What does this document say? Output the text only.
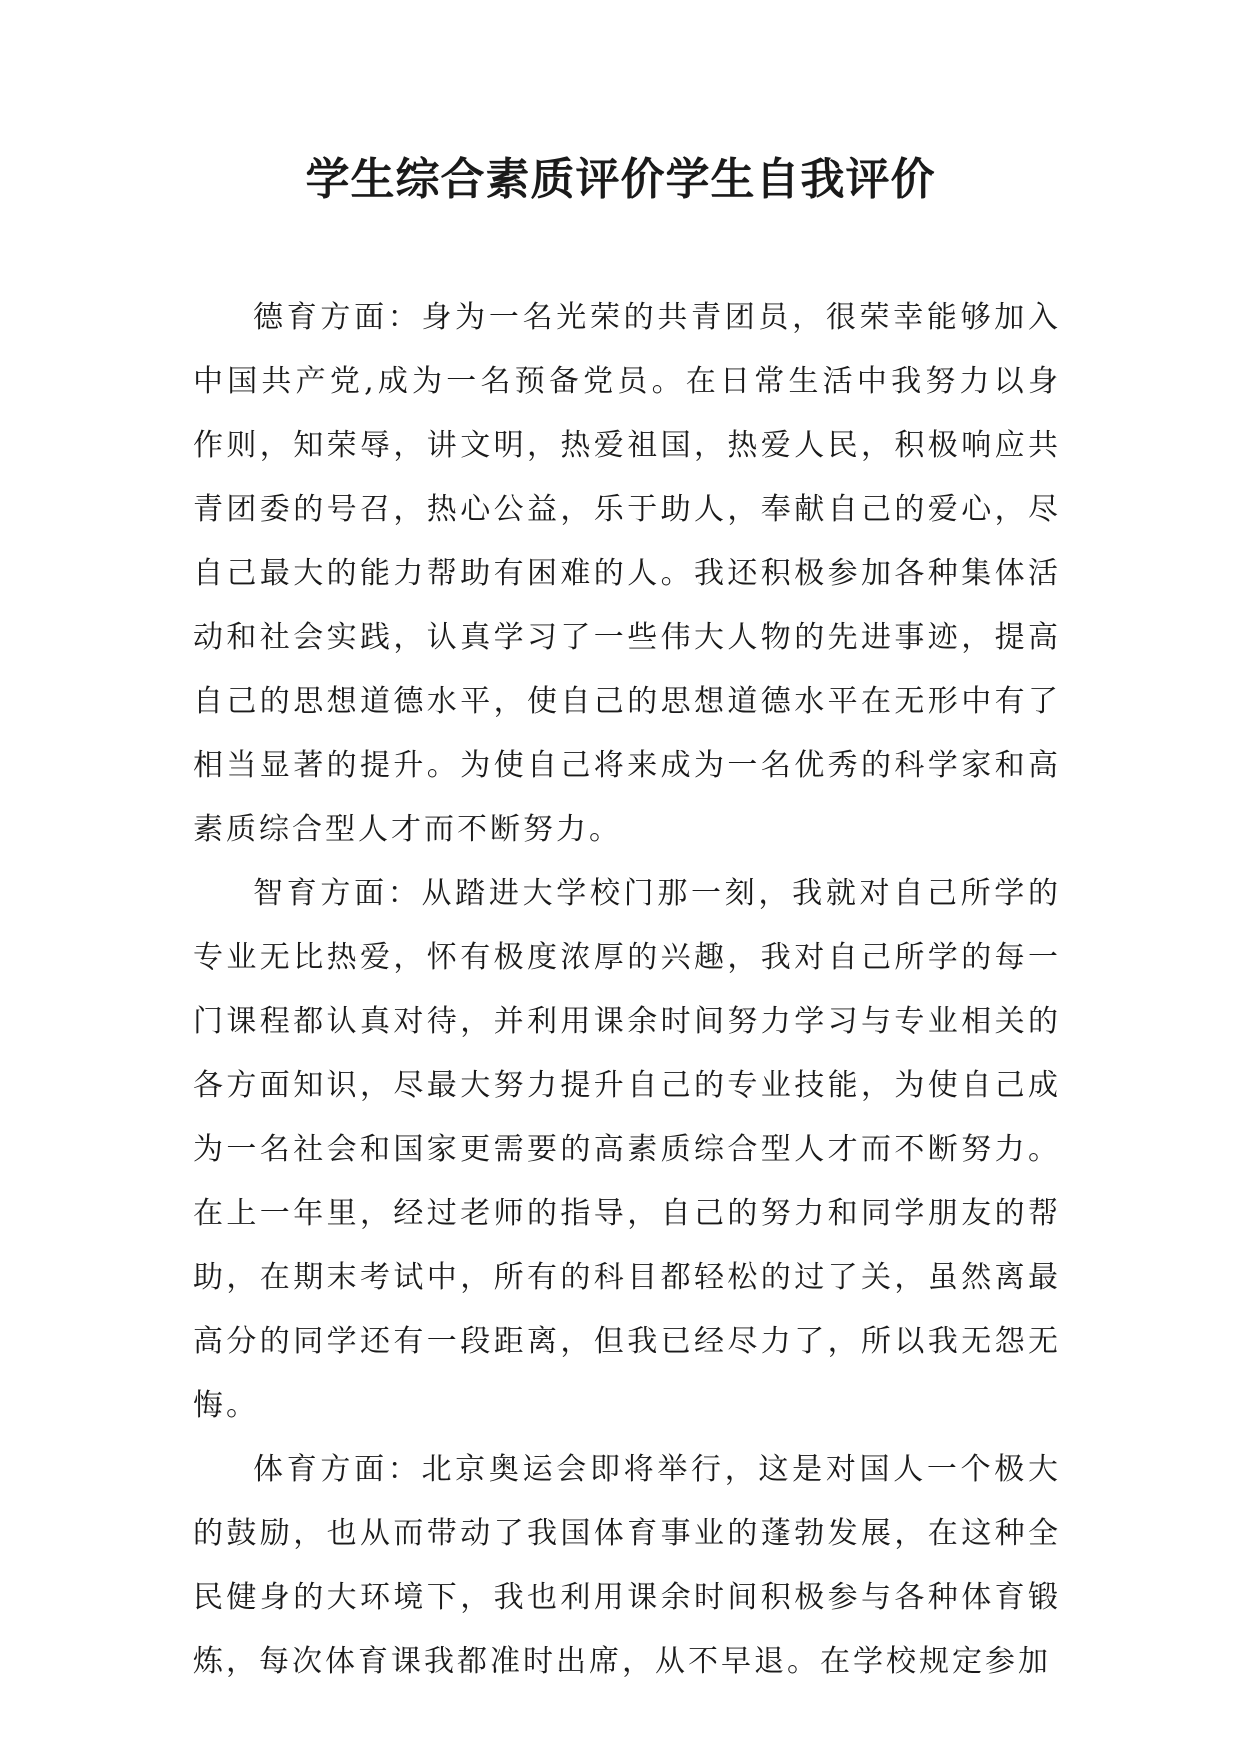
学生综合素质评价学生自我评价

德育方面：身为一名光荣的共青团员，很荣幸能够加入中国共产党,成为一名预备党员。在日常生活中我努力以身作则，知荣辱，讲文明，热爱祖国，热爱人民，积极响应共青团委的号召，热心公益，乐于助人，奉献自己的爱心，尽自己最大的能力帮助有困难的人。我还积极参加各种集体活动和社会实践，认真学习了一些伟大人物的先进事迹，提高自己的思想道德水平，使自己的思想道德水平在无形中有了相当显著的提升。为使自己将来成为一名优秀的科学家和高素质综合型人才而不断努力。

智育方面：从踏进大学校门那一刻，我就对自己所学的专业无比热爱，怀有极度浓厚的兴趣，我对自己所学的每一门课程都认真对待，并利用课余时间努力学习与专业相关的各方面知识，尽最大努力提升自己的专业技能，为使自己成为一名社会和国家更需要的高素质综合型人才而不断努力。在上一年里，经过老师的指导，自己的努力和同学朋友的帮助，在期末考试中，所有的科目都轻松的过了关，虽然离最高分的同学还有一段距离，但我已经尽力了，所以我无怨无悔。

体育方面：北京奥运会即将举行，这是对国人一个极大的鼓励，也从而带动了我国体育事业的蓬勃发展，在这种全民健身的大环境下，我也利用课余时间积极参与各种体育锻炼，每次体育课我都准时出席，从不早退。在学校规定参加
